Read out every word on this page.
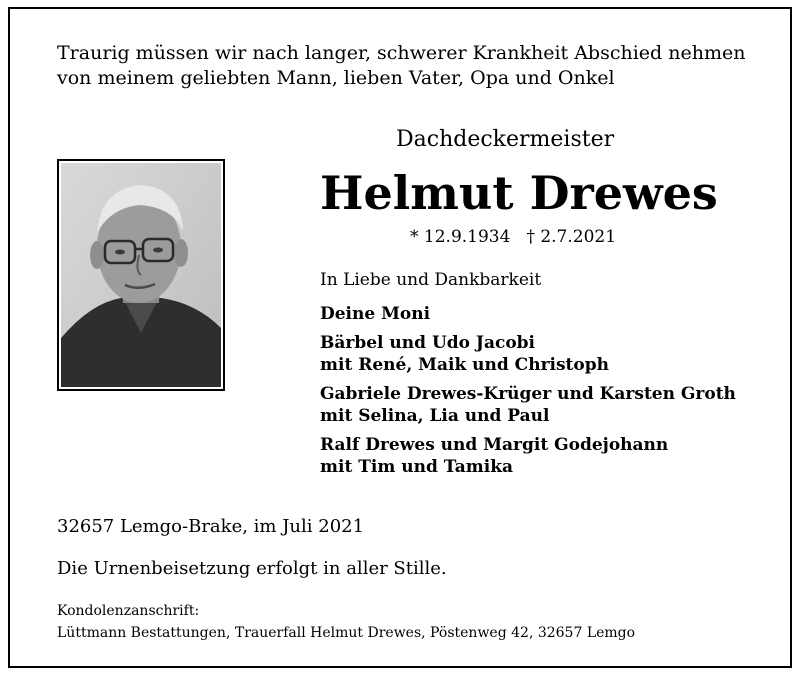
Traurig müssen wir nach langer, schwerer Krankheit Abschied nehmen
von meinem geliebten Mann, lieben Vater, Opa und Onkel
Dachdeckermeister
Helmut Drewes
* 12.9.1934 † 2.7.2021
In Liebe und Dankbarkeit
Deine Moni
Bärbel und Udo Jacobi
mit René, Maik und Christoph
Gabriele Drewes-Krüger und Karsten Groth
mit Selina, Lia und Paul
Ralf Drewes und Margit Godejohann
mit Tim und Tamika
32657 Lemgo-Brake, im Juli 2021
Die Urnenbeisetzung erfolgt in aller Stille.
Kondolenzanschrift:
Lüttmann Bestattungen, Trauerfall Helmut Drewes, Pöstenweg 42, 32657 Lemgo
